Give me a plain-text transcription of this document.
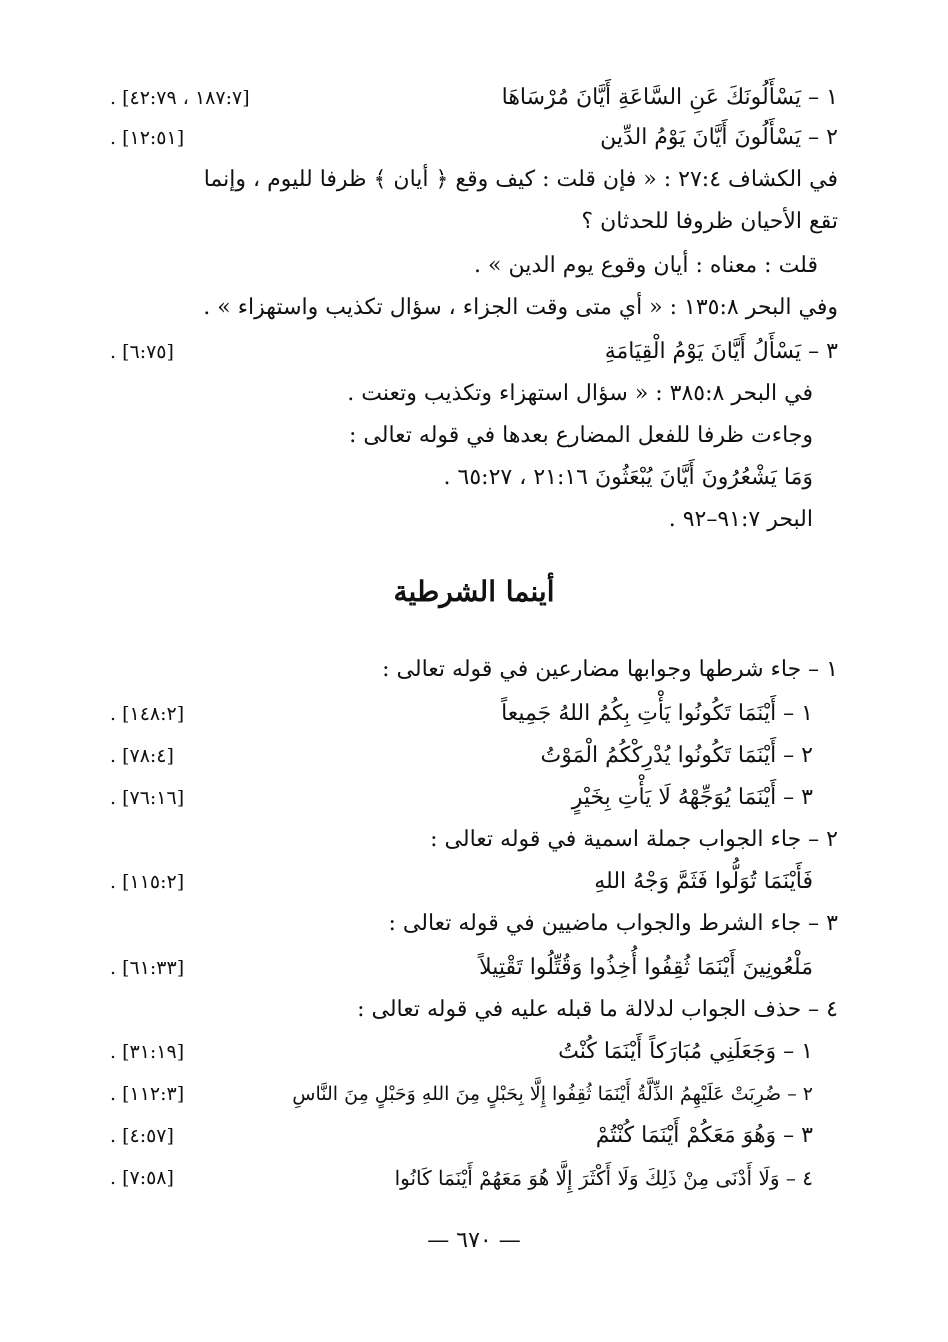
١ – يَسْأَلُونَكَ عَنِ السَّاعَةِ أَيَّانَ مُرْسَاهَا
[١٨٧:٧ ، ٤٢:٧٩] .
٢ – يَسْأَلُونَ أَيَّانَ يَوْمُ الدِّين
[١٢:٥١] .
في الكشاف ٢٧:٤ : « فإن قلت : كيف وقع ﴿ أيان ﴾ ظرفا لليوم ، وإنما
تقع الأحيان ظروفا للحدثان ؟
قلت : معناه : أيان وقوع يوم الدين » .
وفي البحر ١٣٥:٨ : « أي متى وقت الجزاء ، سؤال تكذيب واستهزاء » .
٣ – يَسْأَلُ أَيَّانَ يَوْمُ الْقِيَامَةِ
[٦:٧٥] .
في البحر ٣٨٥:٨ : « سؤال استهزاء وتكذيب وتعنت .
وجاءت ظرفا للفعل المضارع بعدها في قوله تعالى :
وَمَا يَشْعُرُونَ أَيَّانَ يُبْعَثُونَ ٢١:١٦ ، ٦٥:٢٧ .
البحر ٩١:٧–٩٢ .
أينما الشرطية
١ – جاء شرطها وجوابها مضارعين في قوله تعالى :
١ – أَيْنَمَا تَكُونُوا يَأْتِ بِكُمُ اللهُ جَمِيعاً
[١٤٨:٢] .
٢ – أَيْنَمَا تَكُونُوا يُدْرِكْكُمُ الْمَوْتُ
[٧٨:٤] .
٣ – أَيْنَمَا يُوَجِّهْهُ لَا يَأْتِ بِخَيْرٍ
[٧٦:١٦] .
٢ – جاء الجواب جملة اسمية في قوله تعالى :
فَأَيْنَمَا تُوَلُّوا فَثَمَّ وَجْهُ اللهِ
[١١٥:٢] .
٣ – جاء الشرط والجواب ماضيين في قوله تعالى :
مَلْعُونِينَ أَيْنَمَا ثُقِفُوا أُخِذُوا وَقُتِّلُوا تَقْتِيلاً
[٦١:٣٣] .
٤ – حذف الجواب لدلالة ما قبله عليه في قوله تعالى :
١ – وَجَعَلَنِي مُبَارَكاً أَيْنَمَا كُنْتُ
[٣١:١٩] .
٢ – ضُرِبَتْ عَلَيْهِمُ الذِّلَّةُ أَيْنَمَا ثُقِفُوا إِلَّا بِحَبْلٍ مِنَ اللهِ وَحَبْلٍ مِنَ النَّاسِ
[١١٢:٣] .
٣ – وَهُوَ مَعَكُمْ أَيْنَمَا كُنْتُمْ
[٤:٥٧] .
٤ – وَلَا أَدْنَى مِنْ ذَلِكَ وَلَا أَكْثَرَ إِلَّا هُوَ مَعَهُمْ أَيْنَمَا كَانُوا
[٧:٥٨] .
— ٦٧٠ —
